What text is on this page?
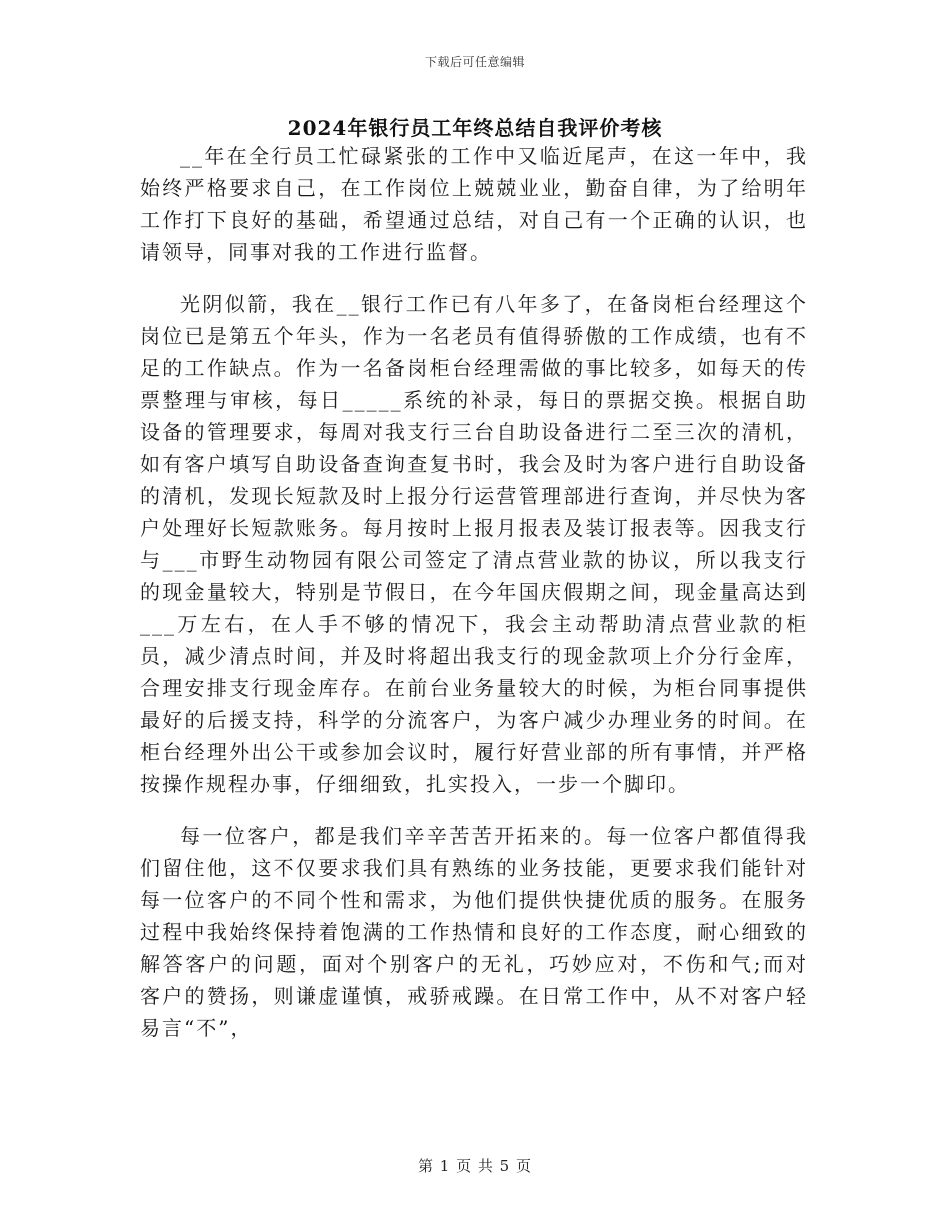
下载后可任意编辑
2024年银行员工年终总结自我评价考核

__年在全行员工忙碌紧张的工作中又临近尾声，在这一年中，我始终严格要求自己，在工作岗位上兢兢业业，勤奋自律，为了给明年工作打下良好的基础，希望通过总结，对自己有一个正确的认识，也请领导，同事对我的工作进行监督。

光阴似箭，我在__银行工作已有八年多了，在备岗柜台经理这个岗位已是第五个年头，作为一名老员有值得骄傲的工作成绩，也有不足的工作缺点。作为一名备岗柜台经理需做的事比较多，如每天的传票整理与审核，每日_____系统的补录，每日的票据交换。根据自助设备的管理要求，每周对我支行三台自助设备进行二至三次的清机，如有客户填写自助设备查询查复书时，我会及时为客户进行自助设备的清机，发现长短款及时上报分行运营管理部进行查询，并尽快为客户处理好长短款账务。每月按时上报月报表及装订报表等。因我支行与___市野生动物园有限公司签定了清点营业款的协议，所以我支行的现金量较大，特别是节假日，在今年国庆假期之间，现金量高达到___万左右，在人手不够的情况下，我会主动帮助清点营业款的柜员，减少清点时间，并及时将超出我支行的现金款项上介分行金库，合理安排支行现金库存。在前台业务量较大的时候，为柜台同事提供最好的后援支持，科学的分流客户，为客户减少办理业务的时间。在柜台经理外出公干或参加会议时，履行好营业部的所有事情，并严格按操作规程办事，仔细细致，扎实投入，一步一个脚印。

每一位客户，都是我们辛辛苦苦开拓来的。每一位客户都值得我们留住他，这不仅要求我们具有熟练的业务技能，更要求我们能针对每一位客户的不同个性和需求，为他们提供快捷优质的服务。在服务过程中我始终保持着饱满的工作热情和良好的工作态度，耐心细致的解答客户的问题，面对个别客户的无礼，巧妙应对，不伤和气;而对客户的赞扬，则谦虚谨慎，戒骄戒躁。在日常工作中，从不对客户轻易言“不”，

第 1 页 共 5 页
